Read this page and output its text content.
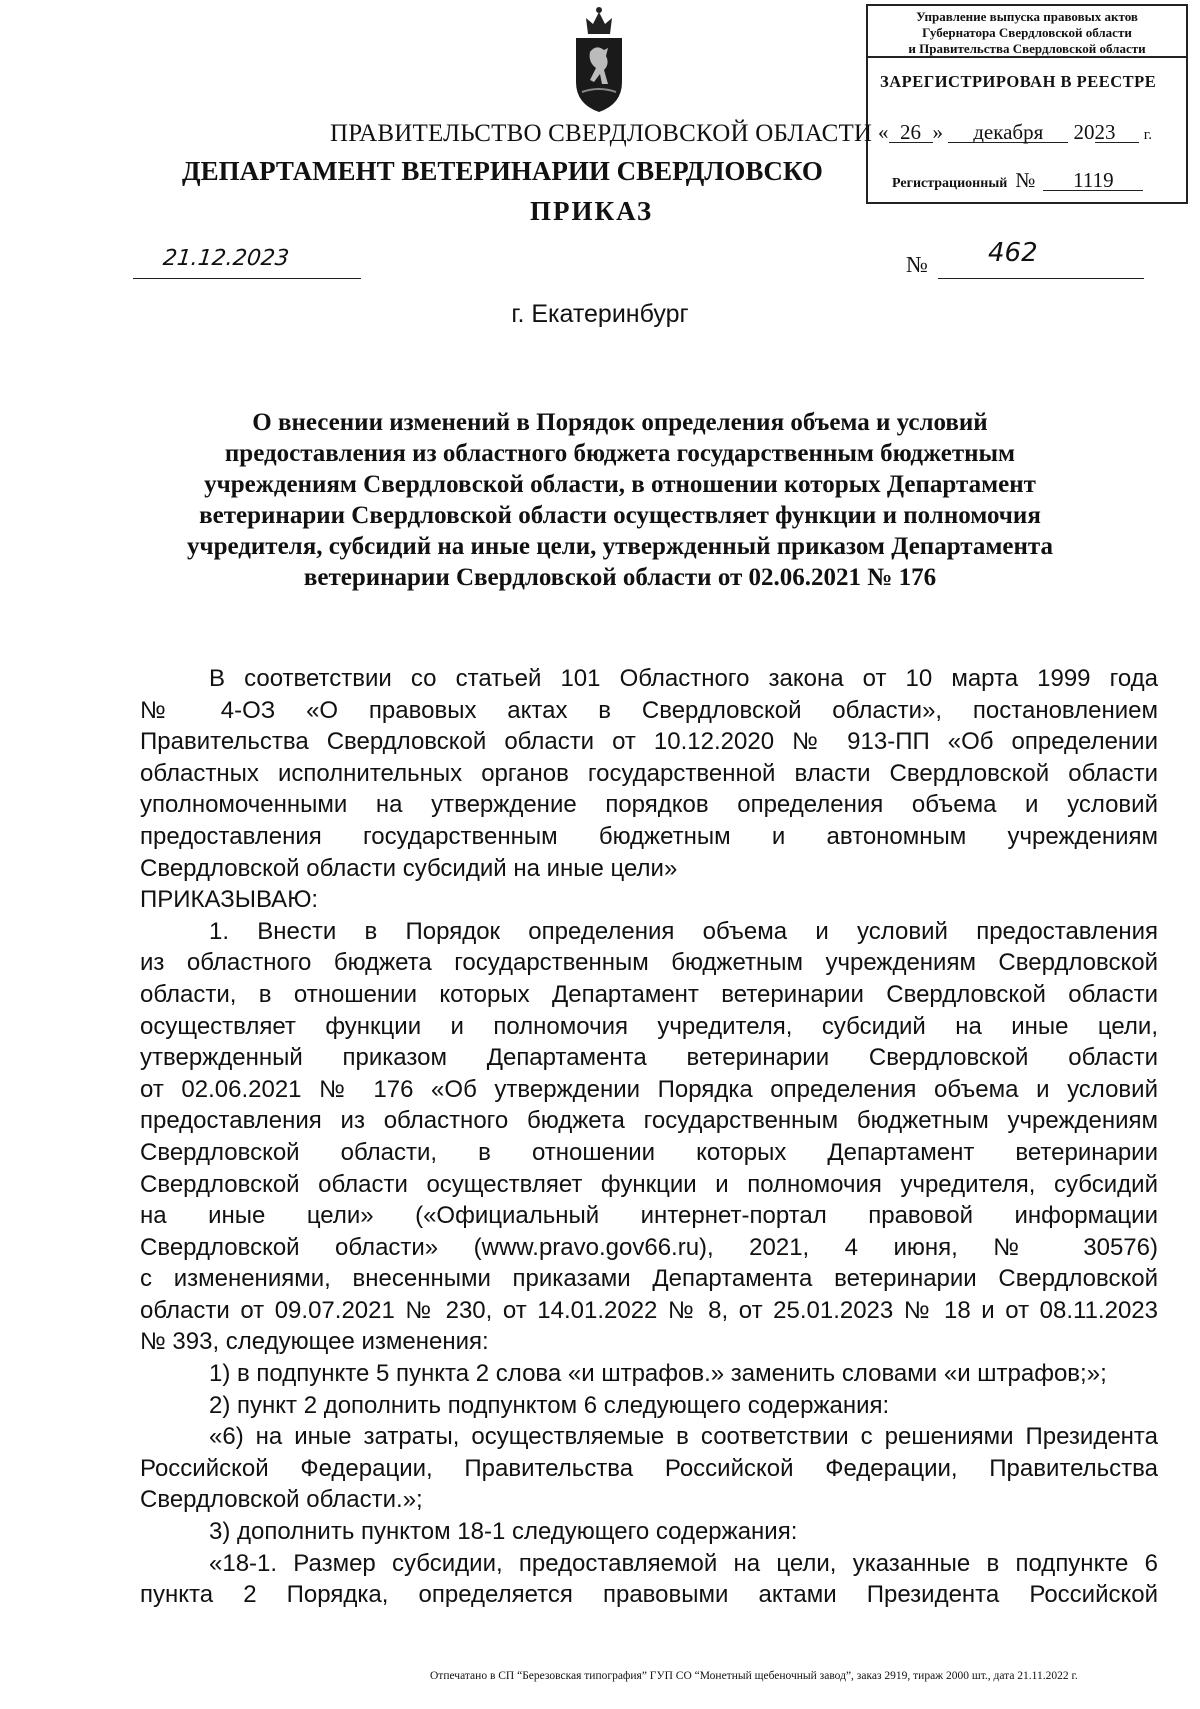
Управление выпуска правовых актов
Губернатора Свердловской области
и Правительства Свердловской области
ЗАРЕГИСТРИРОВАН В РЕЕСТРЕ
« 26 » декабря 2023 г.
Регистрационный № 1119
ПРАВИТЕЛЬСТВО СВЕРДЛОВСКОЙ ОБЛАСТИ
ДЕПАРТАМЕНТ ВЕТЕРИНАРИИ СВЕРДЛОВСКО
ПРИКАЗ
21.12.2023	№ 462
г. Екатеринбург
О внесении изменений в Порядок определения объема и условий
предоставления из областного бюджета государственным бюджетным
учреждениям Свердловской области, в отношении которых Департамент
ветеринарии Свердловской области осуществляет функции и полномочия
учредителя, субсидий на иные цели, утвержденный приказом Департамента
ветеринарии Свердловской области от 02.06.2021 № 176
В соответствии со статьей 101 Областного закона от 10 марта 1999 года
№ 4-ОЗ «О правовых актах в Свердловской области», постановлением
Правительства Свердловской области от 10.12.2020 № 913-ПП «Об определении
областных исполнительных органов государственной власти Свердловской области
уполномоченными на утверждение порядков определения объема и условий
предоставления государственным бюджетным и автономным учреждениям
Свердловской области субсидий на иные цели»
ПРИКАЗЫВАЮ:
1. Внести в Порядок определения объема и условий предоставления
из областного бюджета государственным бюджетным учреждениям Свердловской
области, в отношении которых Департамент ветеринарии Свердловской области
осуществляет функции и полномочия учредителя, субсидий на иные цели,
утвержденный приказом Департамента ветеринарии Свердловской области
от 02.06.2021 № 176 «Об утверждении Порядка определения объема и условий
предоставления из областного бюджета государственным бюджетным учреждениям
Свердловской области, в отношении которых Департамент ветеринарии
Свердловской области осуществляет функции и полномочия учредителя, субсидий
на иные цели» («Официальный интернет-портал правовой информации
Свердловской области» (www.pravo.gov66.ru), 2021, 4 июня, № 30576)
с изменениями, внесенными приказами Департамента ветеринарии Свердловской
области от 09.07.2021 № 230, от 14.01.2022 № 8, от 25.01.2023 № 18 и от 08.11.2023
№ 393, следующее изменения:
1) в подпункте 5 пункта 2 слова «и штрафов.» заменить словами «и штрафов;»;
2) пункт 2 дополнить подпунктом 6 следующего содержания:
«6) на иные затраты, осуществляемые в соответствии с решениями Президента
Российской Федерации, Правительства Российской Федерации, Правительства
Свердловской области.»;
3) дополнить пунктом 18-1 следующего содержания:
«18-1. Размер субсидии, предоставляемой на цели, указанные в подпункте 6
пункта 2 Порядка, определяется правовыми актами Президента Российской
Отпечатано в СП “Березовская типография” ГУП СО “Монетный щебеночный завод”, заказ 2919, тираж 2000 шт., дата 21.11.2022 г.
